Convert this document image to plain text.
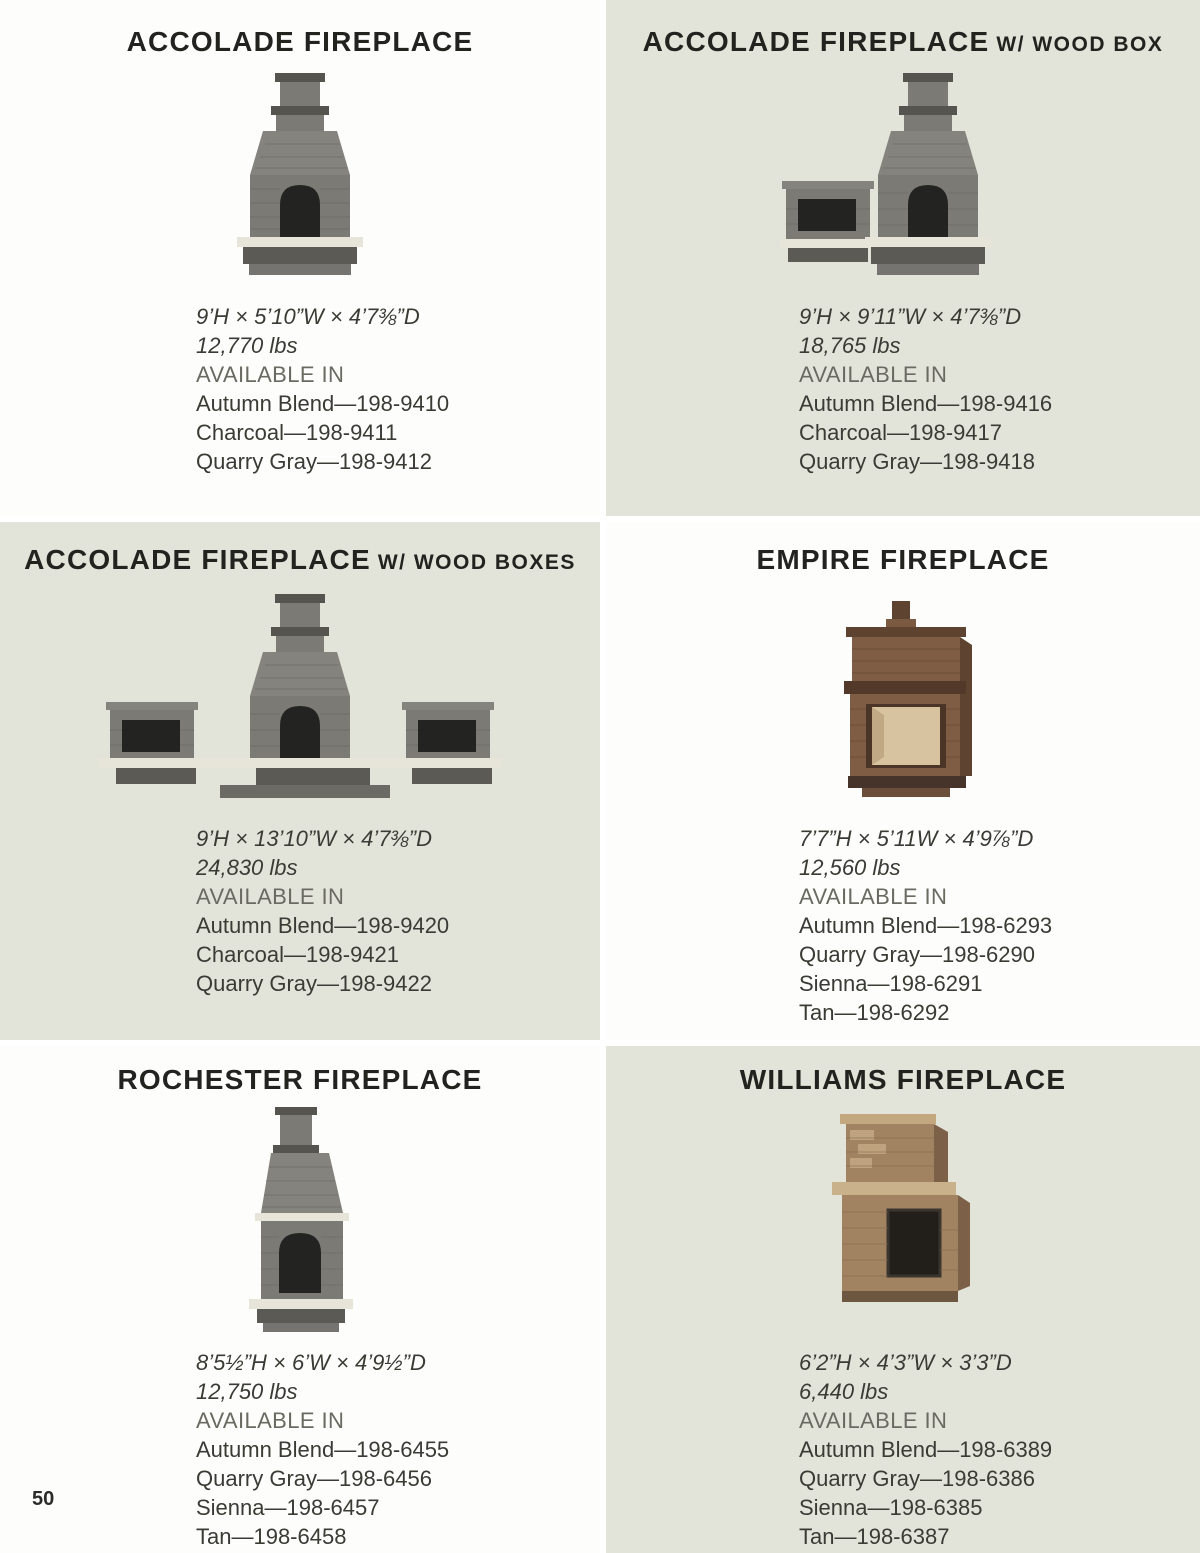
ACCOLADE FIREPLACE
9’H × 5’10”W × 4’7⅜”D
12,770 lbs
AVAILABLE IN
Autumn Blend—198-9410
Charcoal—198-9411
Quarry Gray—198-9412
ACCOLADE FIREPLACE W/ WOOD BOX
9’H × 9’11”W × 4’7⅜”D
18,765 lbs
AVAILABLE IN
Autumn Blend—198-9416
Charcoal—198-9417
Quarry Gray—198-9418
ACCOLADE FIREPLACE W/ WOOD BOXES
9’H × 13’10”W × 4’7⅜”D
24,830 lbs
AVAILABLE IN
Autumn Blend—198-9420
Charcoal—198-9421
Quarry Gray—198-9422
EMPIRE FIREPLACE
7’7”H × 5’11W × 4’9⅞”D
12,560 lbs
AVAILABLE IN
Autumn Blend—198-6293
Quarry Gray—198-6290
Sienna—198-6291
Tan—198-6292
ROCHESTER FIREPLACE
8’5½”H × 6’W × 4’9½”D
12,750 lbs
AVAILABLE IN
Autumn Blend—198-6455
Quarry Gray—198-6456
Sienna—198-6457
Tan—198-6458
WILLIAMS FIREPLACE
6’2”H × 4’3”W × 3’3”D
6,440 lbs
AVAILABLE IN
Autumn Blend—198-6389
Quarry Gray—198-6386
Sienna—198-6385
Tan—198-6387
50
